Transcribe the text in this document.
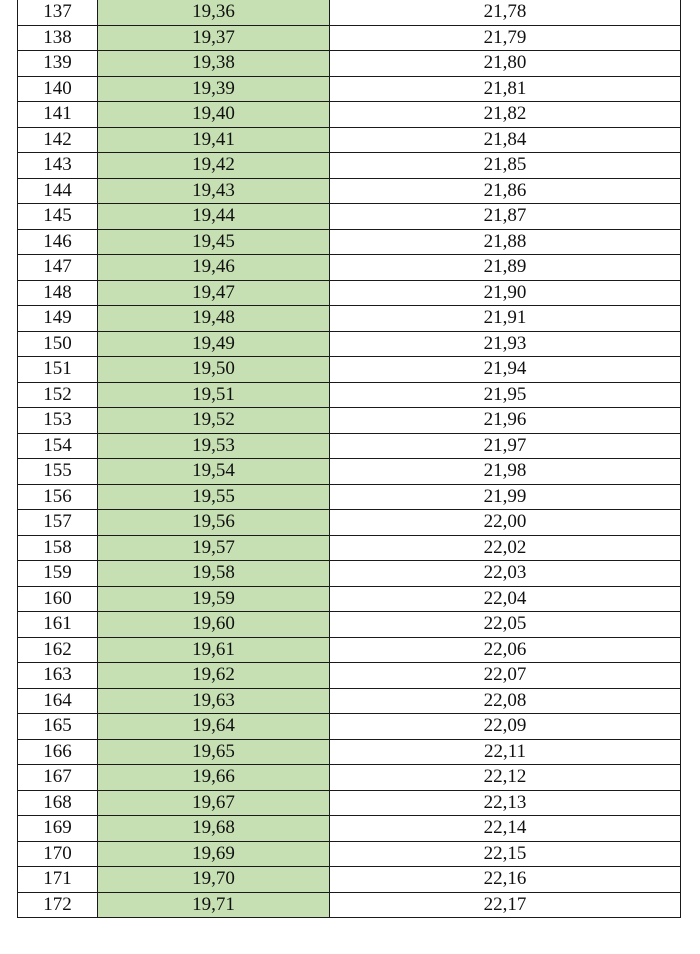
137	19,36	21,78
138	19,37	21,79
139	19,38	21,80
140	19,39	21,81
141	19,40	21,82
142	19,41	21,84
143	19,42	21,85
144	19,43	21,86
145	19,44	21,87
146	19,45	21,88
147	19,46	21,89
148	19,47	21,90
149	19,48	21,91
150	19,49	21,93
151	19,50	21,94
152	19,51	21,95
153	19,52	21,96
154	19,53	21,97
155	19,54	21,98
156	19,55	21,99
157	19,56	22,00
158	19,57	22,02
159	19,58	22,03
160	19,59	22,04
161	19,60	22,05
162	19,61	22,06
163	19,62	22,07
164	19,63	22,08
165	19,64	22,09
166	19,65	22,11
167	19,66	22,12
168	19,67	22,13
169	19,68	22,14
170	19,69	22,15
171	19,70	22,16
172	19,71	22,17
